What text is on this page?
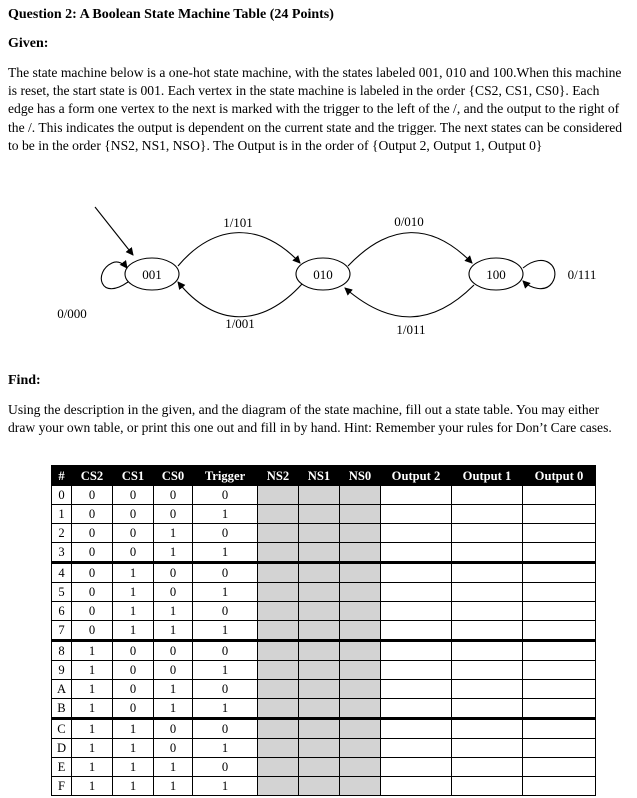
Question 2: A Boolean State Machine Table (24 Points)
Given:
The state machine below is a one-hot state machine, with the states labeled 001, 010 and 100.When this machine is reset, the start state is 001. Each vertex in the state machine is labeled in the order {CS2, CS1, CS0}. Each edge has a form one vertex to the next is marked with the trigger to the left of the /, and the output to the right of the /. This indicates the output is dependent on the current state and the trigger. The next states can be considered to be in the order {NS2, NS1, NSO}. The Output is in the order of {Output 2, Output 1, Output 0}
001	010	100
1/101
1/001
0/010
1/011
0/000
0/111
Find:
Using the description in the given, and the diagram of the state machine, fill out a state table. You may either draw your own table, or print this one out and fill in by hand. Hint: Remember your rules for Don’t Care cases.
#	CS2	CS1	CS0	Trigger	NS2	NS1	NS0	Output 2	Output 1	Output 0
0	0	0	0	0						
1	0	0	0	1						
2	0	0	1	0						
3	0	0	1	1						
4	0	1	0	0						
5	0	1	0	1						
6	0	1	1	0						
7	0	1	1	1						
8	1	0	0	0						
9	1	0	0	1						
A	1	0	1	0						
B	1	0	1	1						
C	1	1	0	0						
D	1	1	0	1						
E	1	1	1	0						
F	1	1	1	1						
